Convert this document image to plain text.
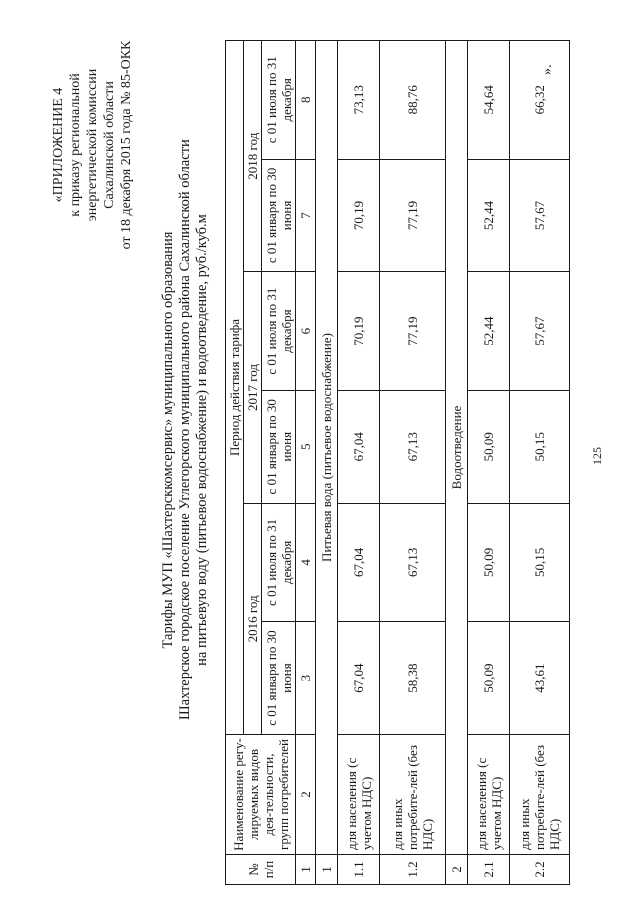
125
«ПРИЛОЖЕНИЕ 4 к приказу региональной энергетической комиссии Сахалинской области от 18 декабря 2015 года № 85-ОКК
Тарифы МУП «Шахтерсккомсервис» муниципального образования Шахтерское городское поселение Углегорского муниципального района Сахалинской области на питьевую воду (питьевое водоснабжение) и водоотведение, руб./куб.м
№ п/п	Наименование регу-лируемых видов дея-тельности, групп потребителей	Период действия тарифа					
		2016 год		2017 год		2018 год	
		с 01 января по 30 июня	с 01 июля по 31 декабря	с 01 января по 30 июня	с 01 июля по 31 декабря	с 01 января по 30 июня	с 01 июля по 31 декабря
1	2	3	4	5	6	7	8
1	Питьевая вода (питьевое водоснабжение)						
1.1	для населения (с учетом НДС)	67,04	67,04	67,04	70,19	70,19	73,13
1.2	для иных потребите-лей (без НДС)	58,38	67,13	67,13	77,19	77,19	88,76
2	Водоотведение						
2.1	для населения (с учетом НДС)	50,09	50,09	50,09	52,44	52,44	54,64
2.2	для иных потребите-лей (без НДС)	43,61	50,15	50,15	57,67	57,67	66,32
».
